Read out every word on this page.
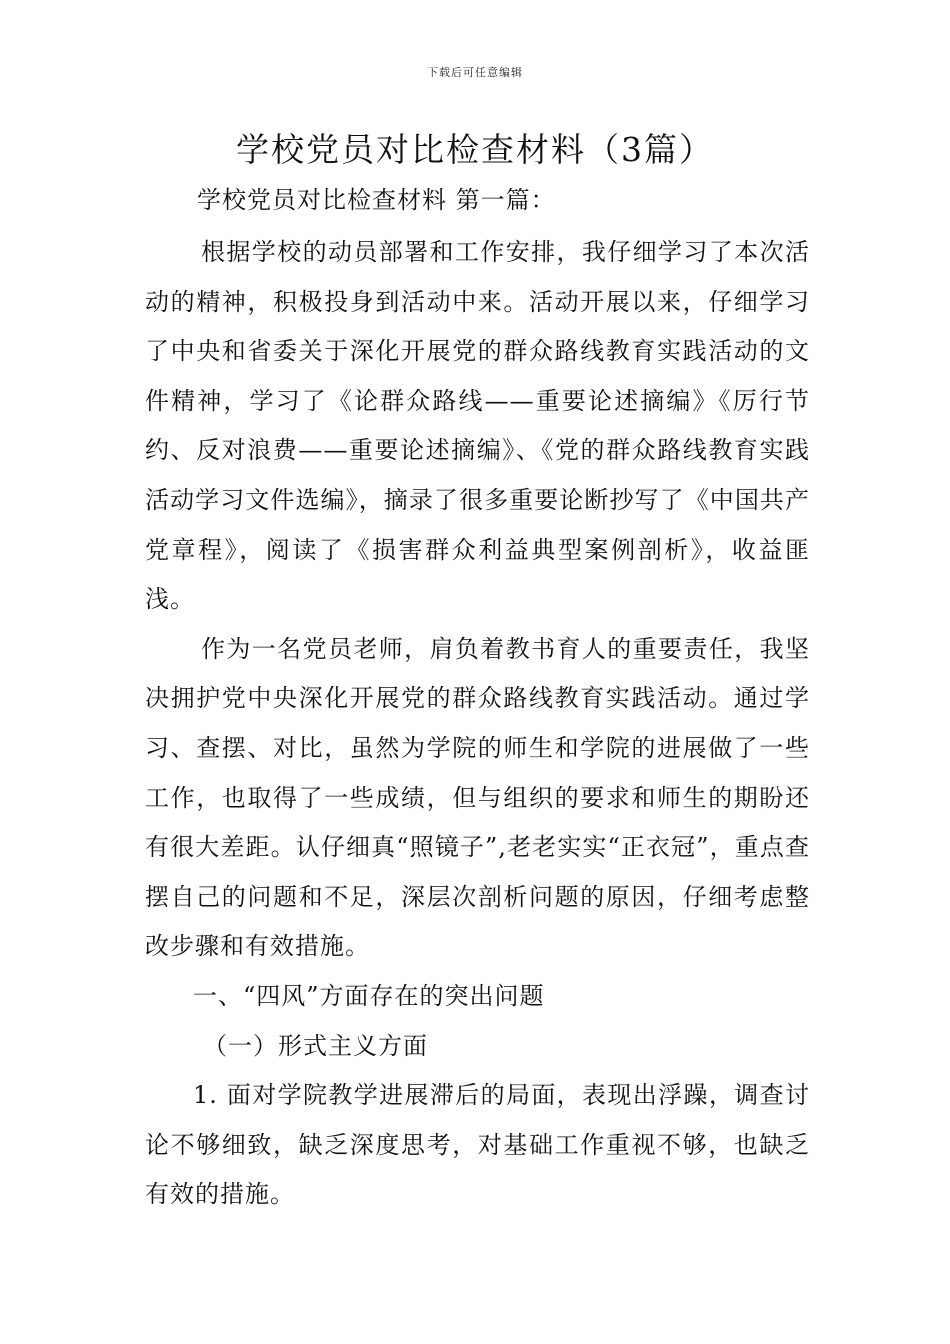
下载后可任意编辑
学校党员对比检查材料（3篇）

学校党员对比检查材料 第一篇：

根据学校的动员部署和工作安排，我仔细学习了本次活动的精神，积极投身到活动中来。活动开展以来，仔细学习了中央和省委关于深化开展党的群众路线教育实践活动的文件精神，学习了《论群众路线——重要论述摘编》《厉行节约、反对浪费——重要论述摘编》、《党的群众路线教育实践活动学习文件选编》，摘录了很多重要论断抄写了《中国共产党章程》，阅读了《损害群众利益典型案例剖析》，收益匪浅。

作为一名党员老师，肩负着教书育人的重要责任，我坚决拥护党中央深化开展党的群众路线教育实践活动。通过学习、查摆、对比，虽然为学院的师生和学院的进展做了一些工作，也取得了一些成绩，但与组织的要求和师生的期盼还有很大差距。认仔细真“照镜子”,老老实实“正衣冠”，重点查摆自己的问题和不足，深层次剖析问题的原因，仔细考虑整改步骤和有效措施。

一、“四风”方面存在的突出问题

（一）形式主义方面

1. 面对学院教学进展滞后的局面，表现出浮躁，调查讨论不够细致，缺乏深度思考，对基础工作重视不够，也缺乏有效的措施。
